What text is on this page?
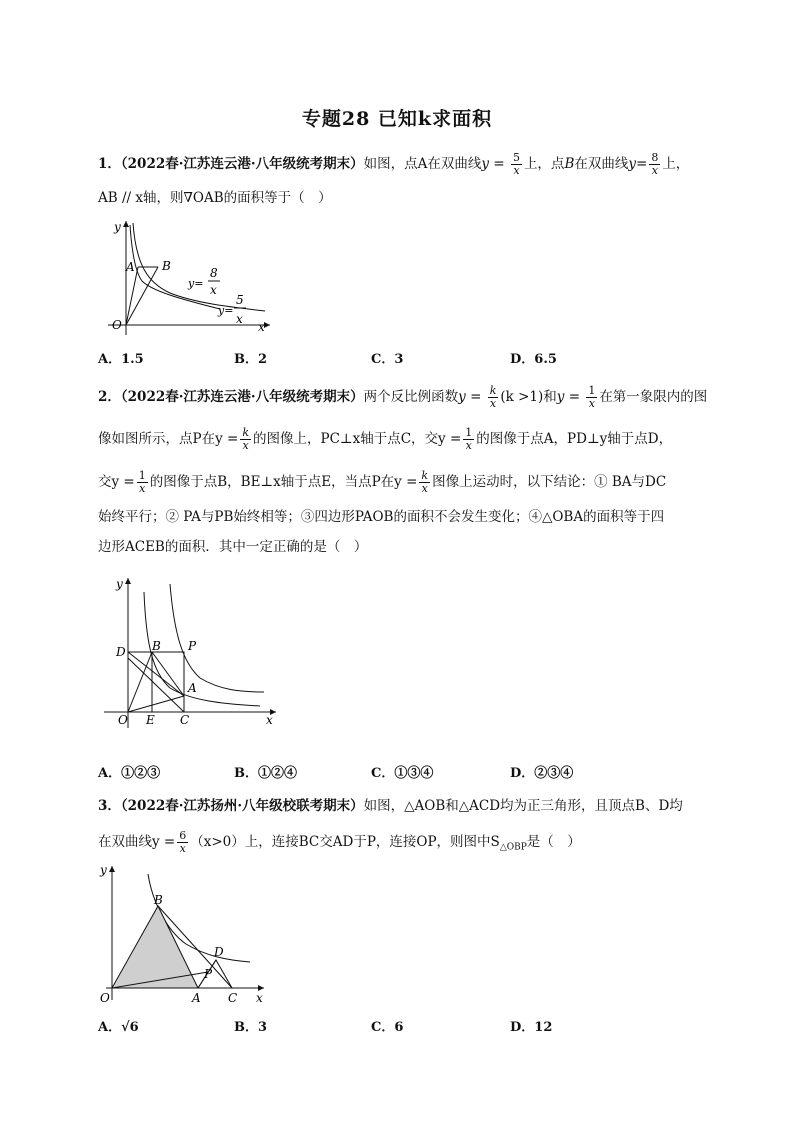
专题28 已知k求面积
1．（2022春·江苏连云港·八年级统考期末）如图，点A在双曲线$y = \frac{5}{x}$ 上，点B在双曲线$y= \frac{8}{x}$ 上，
AB // x轴，则∇OAB的面积等于（　）
y
x
O
A B
y=
8
x
y=
5
x
A．1.5	B．2	C．3	D．6.5
2．（2022春·江苏连云港·八年级统考期末）两个反比例函数$y = \frac{k}{x} (k >1)$和$y = \frac{1}{x}$ 在第一象限内的图
像如图所示，点P在$y = \frac{k}{x}$ 的图像上，PC⊥x轴于点C，交$y = \frac{1}{x}$ 的图像于点A，PD⊥y轴于点D，
交$y = \frac{1}{x}$ 的图像于点B，BE⊥x轴于点E，当点P在$y = \frac{k}{x}$ 图像上运动时，以下结论：① BA与DC
始终平行；② PA与PB始终相等；③四边形PAOB的面积不会发生变化；④△OBA的面积等于四
边形ACEB的面积．其中一定正确的是（　）
y
x
O E C
D B P
A
A．①②③	B．①②④	C．①③④	D．②③④
3．（2022春·江苏扬州·八年级校联考期末）如图，△AOB和△ACD均为正三角形，且顶点B、D均
在双曲线$y = \frac{6}{x} (x>0)$上，连接BC交AD于P，连接OP，则图中$S_{\triangle OBP}$是（　）
y
x
O	A C
B
D
P
A．√6	B．3	C．6	D．12
